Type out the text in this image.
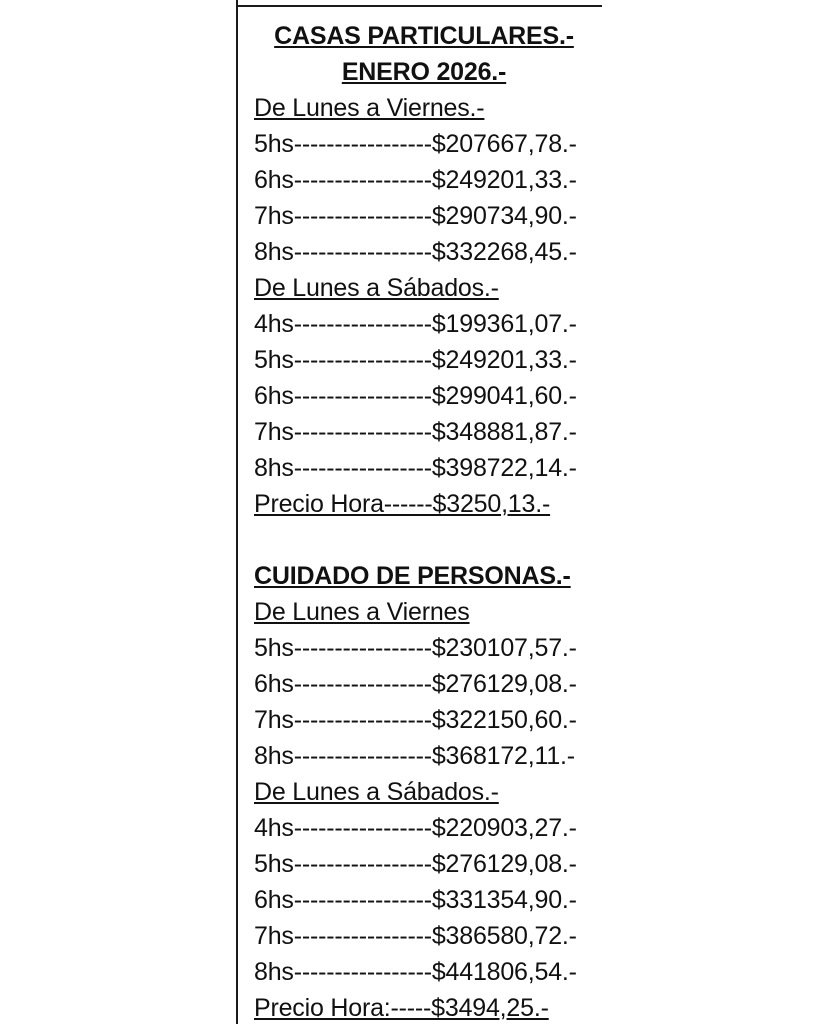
CASAS PARTICULARES.-
ENERO 2026.-
De Lunes a Viernes.-
5hs-----------------$207667,78.-
6hs-----------------$249201,33.-
7hs-----------------$290734,90.-
8hs-----------------$332268,45.-
De Lunes a Sábados.-
4hs-----------------$199361,07.-
5hs-----------------$249201,33.-
6hs-----------------$299041,60.-
7hs-----------------$348881,87.-
8hs-----------------$398722,14.-
Precio Hora------$3250,13.-
CUIDADO DE PERSONAS.-
De Lunes a Viernes
5hs-----------------$230107,57.-
6hs-----------------$276129,08.-
7hs-----------------$322150,60.-
8hs-----------------$368172,11.-
De Lunes a Sábados.-
4hs-----------------$220903,27.-
5hs-----------------$276129,08.-
6hs-----------------$331354,90.-
7hs-----------------$386580,72.-
8hs-----------------$441806,54.-
Precio Hora:-----$3494,25.-
